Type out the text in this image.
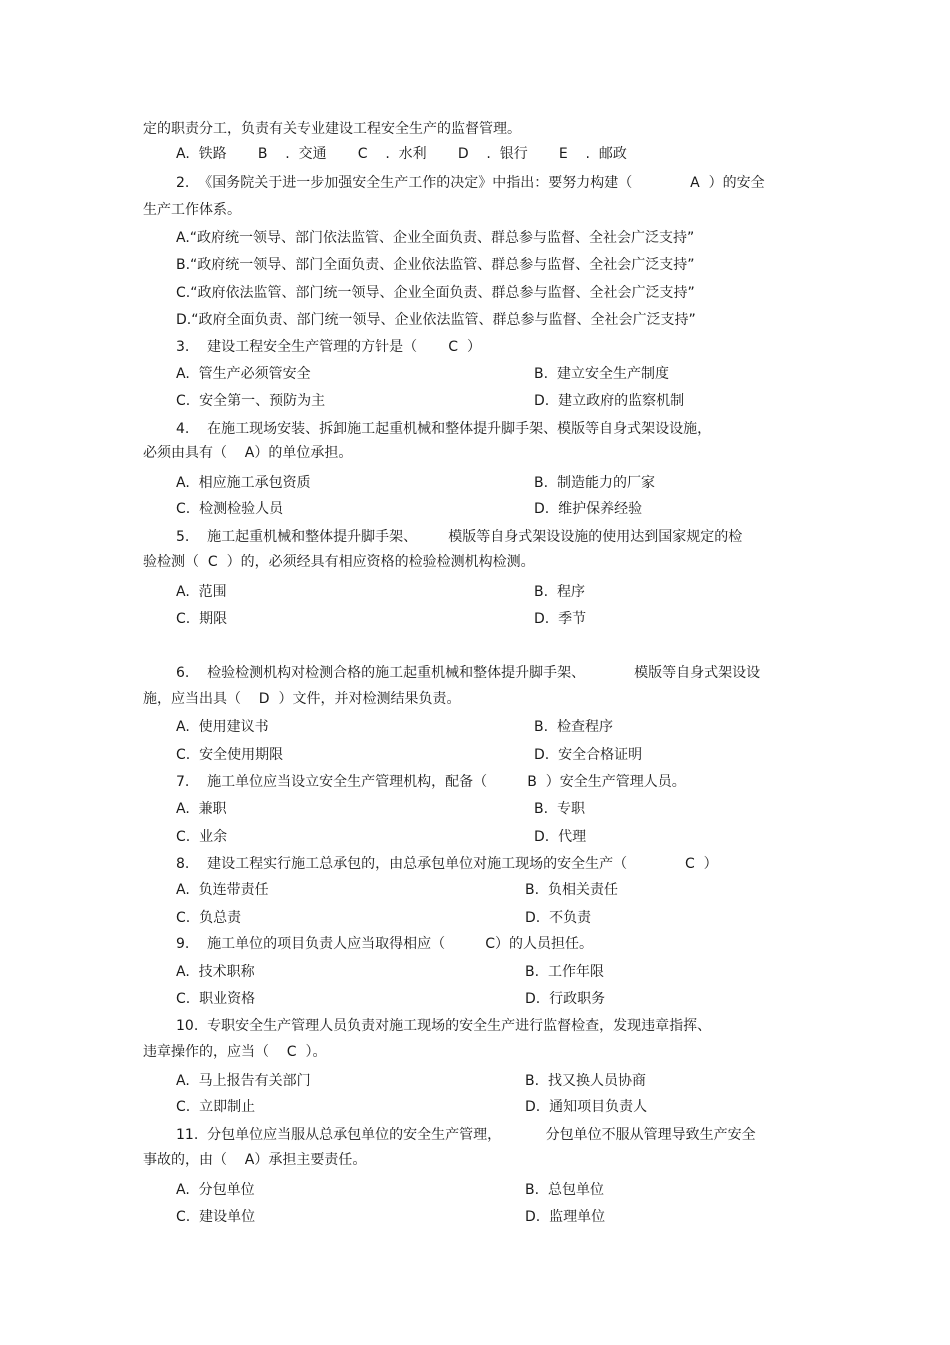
定的职责分工，负责有关专业建设工程安全生产的监督管理。
A.  铁路       B    .  交通       C    .  水利       D    .  银行       E    .  邮政
2.  《国务院关于进一步加强安全生产工作的决定》中指出：要努力构建（             A  ）的安全
生产工作体系。
A.“政府统一领导、部门依法监管、企业全面负责、群总参与监督、全社会广泛支持”
B.“政府统一领导、部门全面负责、企业依法监管、群总参与监督、全社会广泛支持”
C.“政府依法监管、部门统一领导、企业全面负责、群总参与监督、全社会广泛支持”
D.“政府全面负责、部门统一领导、企业依法监管、群总参与监督、全社会广泛支持”
3.    建设工程安全生产管理的方针是（       C  ）
A.  管生产必须管安全	B.  建立安全生产制度
C.  安全第一、预防为主	D.  建立政府的监察机制
4.    在施工现场安装、拆卸施工起重机械和整体提升脚手架、模版等自身式架设设施，
必须由具有（    A）的单位承担。
A.  相应施工承包资质	B.  制造能力的厂家
C.  检测检验人员	D.  维护保养经验
5.    施工起重机械和整体提升脚手架、       模版等自身式架设设施的使用达到国家规定的检
验检测（  C  ）的，必须经具有相应资格的检验检测机构检测。
A.  范围	B.  程序
C.  期限	D.  季节
6.    检验检测机构对检测合格的施工起重机械和整体提升脚手架、           模版等自身式架设设
施，应当出具（    D  ）文件，并对检测结果负责。
A.  使用建议书	B.  检查程序
C.  安全使用期限	D.  安全合格证明
7.    施工单位应当设立安全生产管理机构，配备（         B  ）安全生产管理人员。
A.  兼职	B.  专职
C.  业余	D.  代理
8.    建设工程实行施工总承包的，由总承包单位对施工现场的安全生产（             C  ）
A.  负连带责任	B.  负相关责任
C.  负总责	D.  不负责
9.    施工单位的项目负责人应当取得相应（         C）的人员担任。
A.  技术职称	B.  工作年限
C.  职业资格	D.  行政职务
10.  专职安全生产管理人员负责对施工现场的安全生产进行监督检查，发现违章指挥、
违章操作的，应当（    C  ）。
A.  马上报告有关部门	B.  找又换人员协商
C.  立即制止	D.  通知项目负责人
11.  分包单位应当服从总承包单位的安全生产管理，          分包单位不服从管理导致生产安全
事故的，由（    A）承担主要责任。
A.  分包单位	B.  总包单位
C.  建设单位	D.  监理单位
